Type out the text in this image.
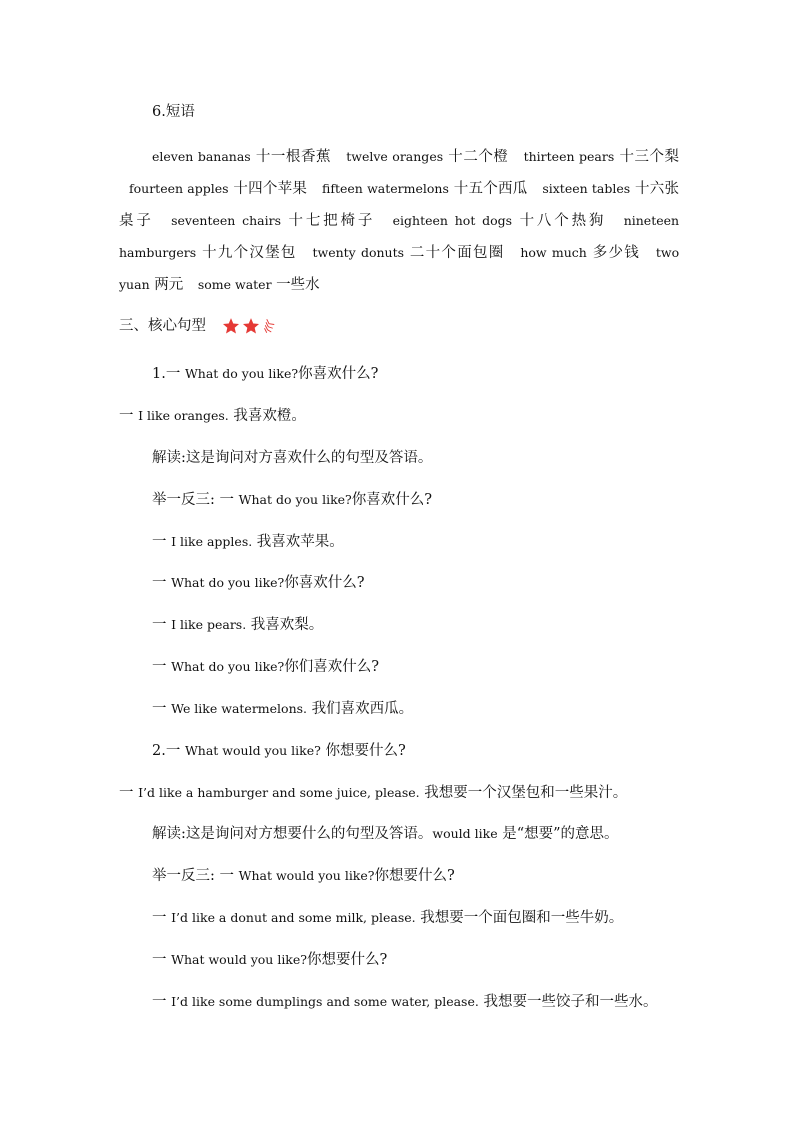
6.短语
eleven bananas 十一根香蕉 twelve oranges 十二个橙 thirteen pears 十三个梨 fourteen apples 十四个苹果 fifteen watermelons 十五个西瓜 sixteen tables 十六张桌子 seventeen chairs 十七把椅子 eighteen hot dogs 十八个热狗 nineteen hamburgers 十九个汉堡包 twenty donuts 二十个面包圈 how much 多少钱 two yuan 两元 some water 一些水
三、核心句型
1.一 What do you like?你喜欢什么?
一 I like oranges. 我喜欢橙。
解读:这是询问对方喜欢什么的句型及答语。
举一反三: 一 What do you like?你喜欢什么?
一 I like apples. 我喜欢苹果。
一 What do you like?你喜欢什么?
一 I like pears. 我喜欢梨。
一 What do you like?你们喜欢什么?
一 We like watermelons. 我们喜欢西瓜。
2.一 What would you like? 你想要什么?
一 I’d like a hamburger and some juice, please. 我想要一个汉堡包和一些果汁。
解读:这是询问对方想要什么的句型及答语。would like 是“想要”的意思。
举一反三: 一 What would you like?你想要什么?
一 I’d like a donut and some milk, please. 我想要一个面包圈和一些牛奶。
一 What would you like?你想要什么?
一 I’d like some dumplings and some water, please. 我想要一些饺子和一些水。
